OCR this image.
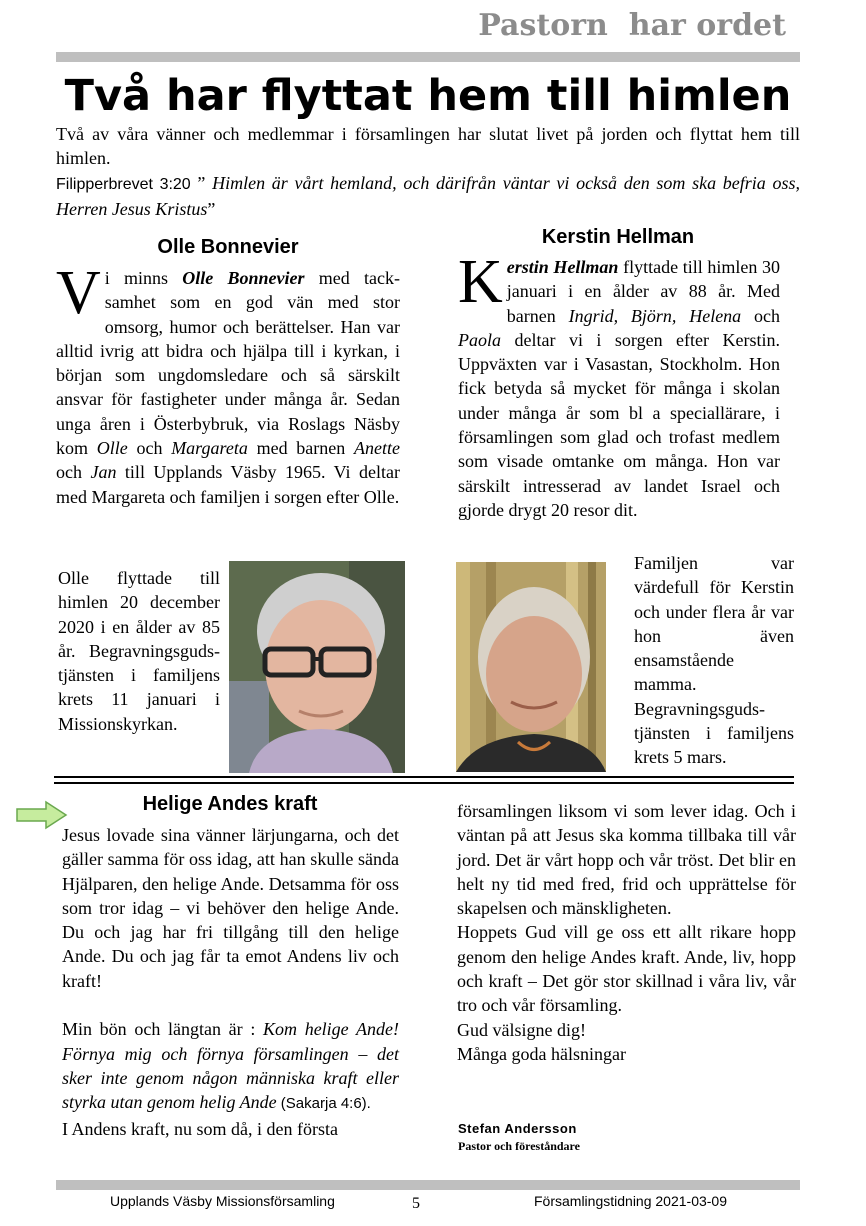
Pastorn  har ordet
Två har flyttat hem till himlen
Två av våra vänner och medlemmar i församlingen har slutat livet på jorden och flyttat hem till himlen.
Filipperbrevet 3:20 ” Himlen är vårt hemland, och därifrån väntar vi också den som ska befria oss, Herren Jesus Kristus”
Olle Bonnevier
Vi minns Olle Bonnevier med tack-samhet som en god vän med stor omsorg, humor och berättelser. Han var alltid ivrig att bidra och hjälpa till i kyrkan, i början som ungdomsledare och så särskilt ansvar för fastigheter under många år. Sedan unga åren i Österbybruk, via Roslags Näsby kom Olle och Margareta med barnen Anette och Jan till Upplands Väsby 1965. Vi deltar med Margareta och familjen i sorgen efter Olle.
Olle flyttade till himlen 20 december 2020 i en ålder av 85 år. Begravningsguds-tjänsten i familjens krets 11 januari i Missionskyrkan.
Kerstin Hellman
Kerstin Hellman flyttade till himlen 30 januari i en ålder av 88 år. Med barnen Ingrid, Björn, Helena och Paola deltar vi i sorgen efter Kerstin. Uppväxten var i Vasastan, Stockholm. Hon fick betyda så mycket för många i skolan under många år som bl a speciallärare, i församlingen som glad och trofast medlem som visade omtanke om många. Hon var särskilt intresserad av landet Israel och gjorde drygt 20 resor dit.
Familjen var värdefull för Kerstin och under flera år var hon även ensamstående mamma. Begravningsguds-tjänsten i familjens krets 5 mars.
Helige Andes kraft

Jesus lovade sina vänner lärjungarna, och det gäller samma för oss idag, att han skulle sända Hjälparen, den helige Ande. Detsamma för oss som tror idag – vi behöver den helige Ande. Du och jag har fri tillgång till den helige Ande. Du och jag får ta emot Andens liv och kraft!

Min bön och längtan är : Kom helige Ande! Förnya mig och förnya församlingen – det sker inte genom någon människa kraft eller styrka utan genom helig Ande (Sakarja 4:6).

I Andens kraft, nu som då, i den första

församlingen liksom vi som lever idag. Och i väntan på att Jesus ska komma tillbaka till vår jord. Det är vårt hopp och vår tröst. Det blir en helt ny tid med fred, frid och upprättelse för skapelsen och mänskligheten.

Hoppets Gud vill ge oss ett allt rikare hopp genom den helige Andes kraft. Ande, liv, hopp och kraft – Det gör stor skillnad i våra liv, vår tro och vår församling.

Gud välsigne dig!

Många goda hälsningar

Stefan Andersson
Pastor och föreståndare
Upplands Väsby Missionsförsamling	5	Församlingstidning 2021-03-09
